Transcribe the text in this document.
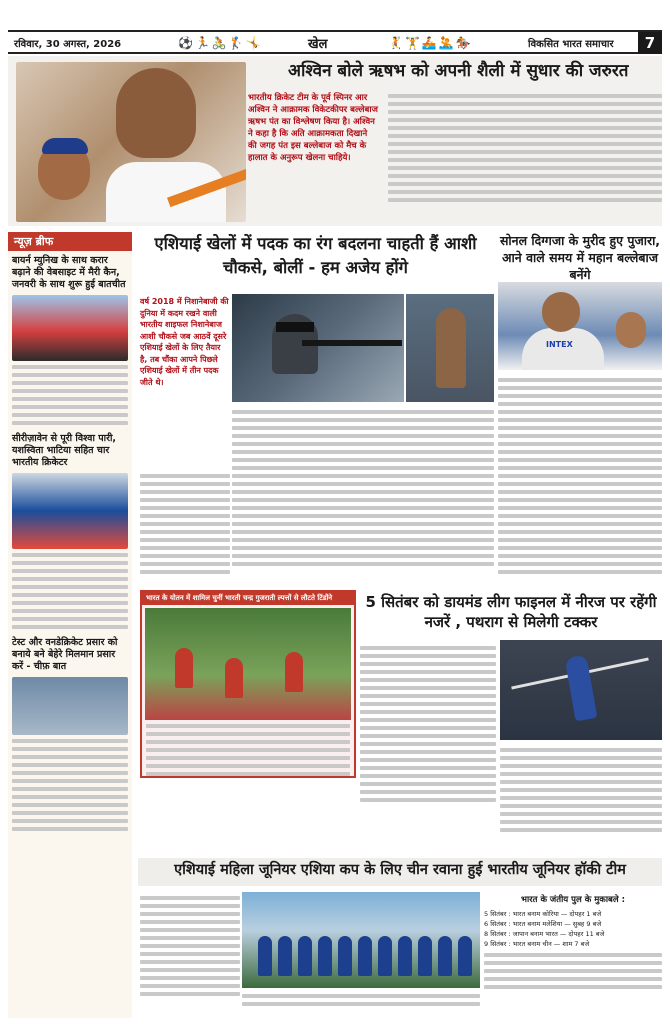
रविवार, 30 अगस्त, 2026	⚽🏃🚴🏌🤸	खेल	🤾🏋🚣🤽🏇	विकसित भारत समाचार	7
अश्विन बोले ऋषभ को अपनी शैली में सुधार की जरुरत
भारतीय क्रिकेट टीम के पूर्व स्पिनर आर अश्विन ने आक्रामक विकेटकीपर बल्लेबाज ऋषभ पंत का विश्लेषण किया है। अश्विन ने कहा है कि अति आक्रामकता दिखाने की जगह पंत इस बल्लेबाज को मैच के हालात के अनुरूप खेलना चाहिये।
न्यूज़ ब्रीफ
बायर्न म्युनिख के साथ करार बढ़ाने की वेबसाइट में मैरी कैन, जनवरी के साथ शुरू हुई बातचीत
सीरीज़ावेन से पूरी विश्वा पारी, यशस्विता भाटिया सहित चार भारतीय क्रिकेटर
टेस्ट और वनडेक्रिकेट प्रसार को बनाये बने बेहेरे मिलमान प्रसार करें - चीफ़ बात
एशियाई खेलों में पदक का रंग बदलना चाहती हैं आशी चौकसे, बोलीं - हम अजेय होंगे
वर्ष 2018 में निशानेबाजी की दुनिया में कदम रखने वाली भारतीय शाइफल निशानेबाज आशी चौकसे जब आठवें दूसरे एशियाई खेलों के लिए तैयार है, तब चौंका आपने पिछले एशियाई खेलों में तीन पदक जीते थे।
सोनल दिग्गजा के मुरीद हुए पुजारा, आने वाले समय में महान बल्लेबाज बनेंगे
INTEX
भारत के योतन में शामिल चुनीं भारती चन्द्र गुजराती ल्पत्तों से लौटते टिंडोंने	5 सितंबर को डायमंड लीग फाइनल में नीरज पर रहेंगी नजरें , पथराग से मिलेगी टक्कर
एशियाई महिला जूनियर एशिया कप के लिए चीन रवाना हुई भारतीय जूनियर हॉकी टीम
भारत के जंतीय पुल के मुकाबले :
5 सितंबर : भारत बनाम कोरिया — दोपहर 1 बजे
6 सितंबर : भारत बनाम मलेशिया — सुबह 9 बजे
8 सितंबर : जापान बनाम भारत — दोपहर 11 बजे
9 सितंबर : भारत बनाम चीन — शाम 7 बजे
